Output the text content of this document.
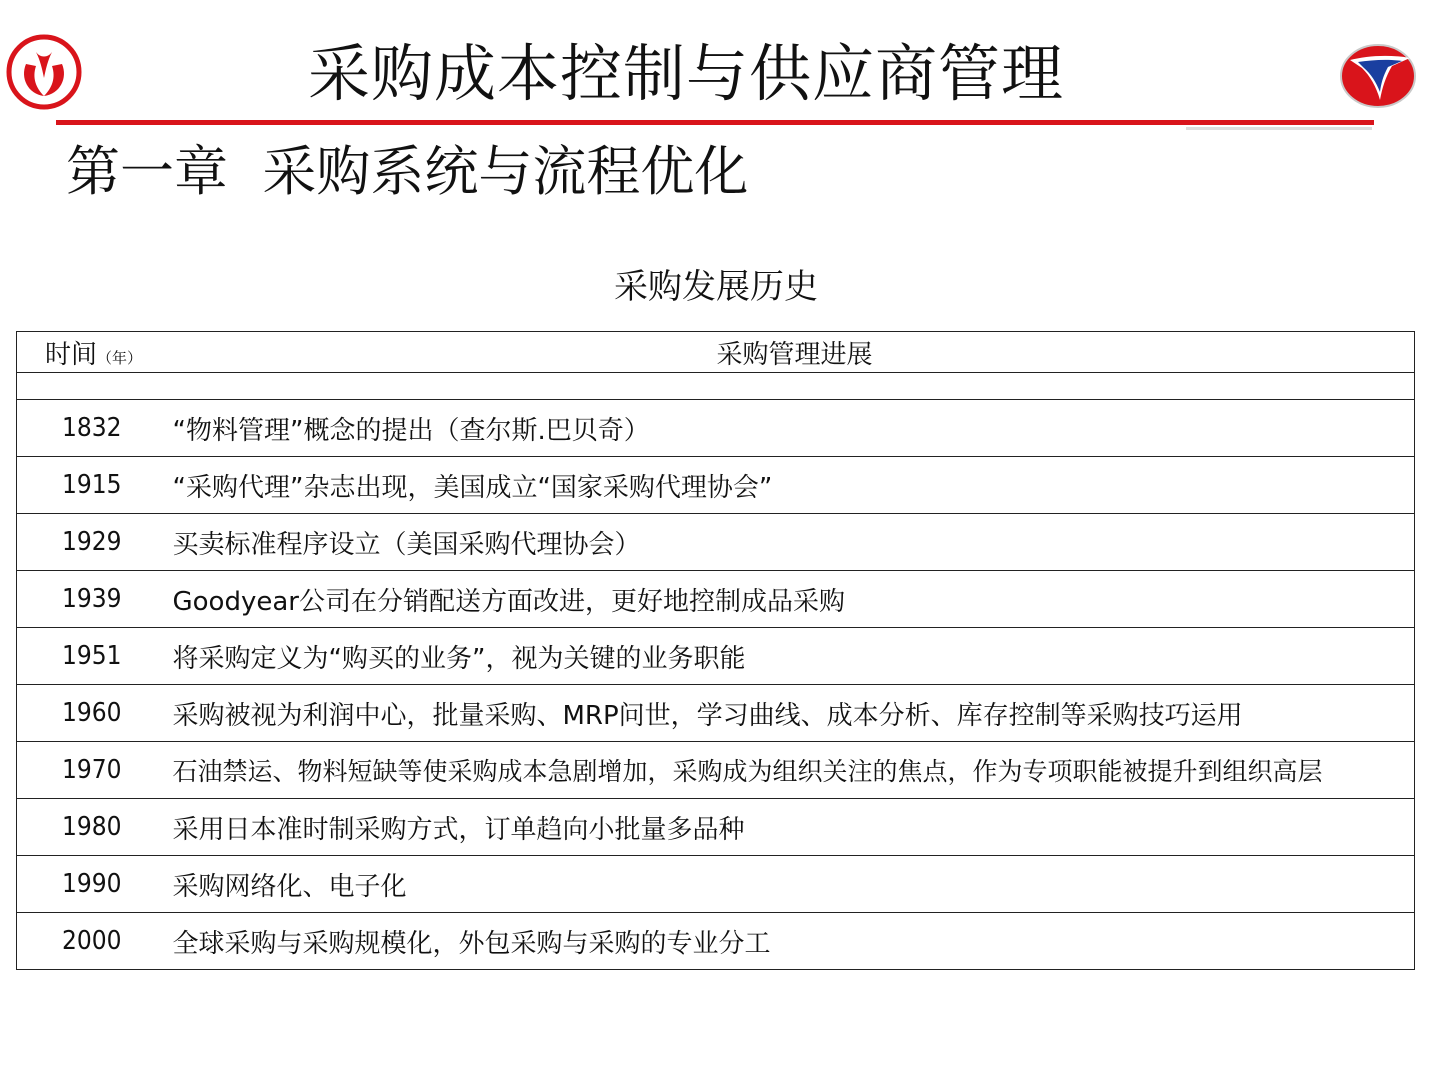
采购成本控制与供应商管理
第一章  采购系统与流程优化
采购发展历史
时间（年）	采购管理进展

1832	“物料管理”概念的提出（查尔斯.巴贝奇）
1915	“采购代理”杂志出现，美国成立“国家采购代理协会”
1929	买卖标准程序设立（美国采购代理协会）
1939	Goodyear公司在分销配送方面改进，更好地控制成品采购
1951	将采购定义为“购买的业务”，视为关键的业务职能
1960	采购被视为利润中心，批量采购、MRP问世，学习曲线、成本分析、库存控制等采购技巧运用
1970	石油禁运、物料短缺等使采购成本急剧增加，采购成为组织关注的焦点，作为专项职能被提升到组织高层
1980	采用日本准时制采购方式，订单趋向小批量多品种
1990	采购网络化、电子化
2000	全球采购与采购规模化，外包采购与采购的专业分工
